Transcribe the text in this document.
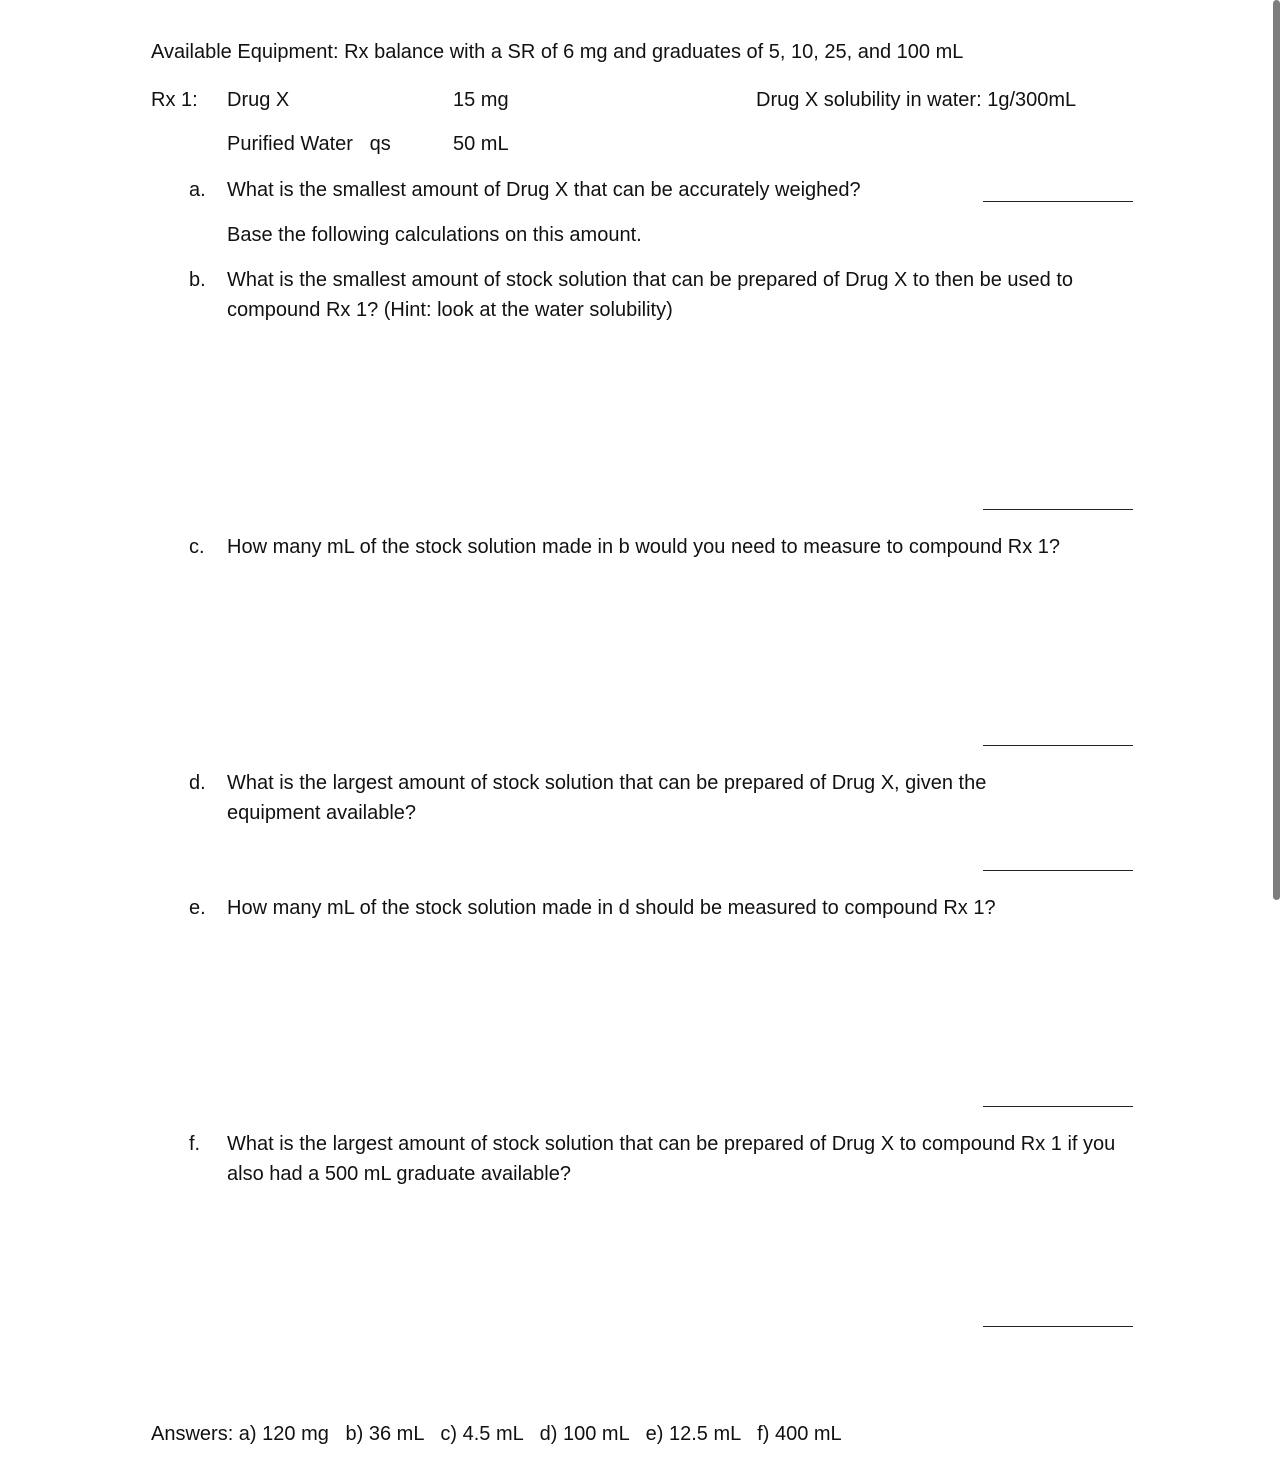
Available Equipment: Rx balance with a SR of 6 mg and graduates of 5, 10, 25, and 100 mL
Rx 1: Drug X	15 mg	Drug X solubility in water: 1g/300mL
Purified Water   qs	50 mL
a. What is the smallest amount of Drug X that can be accurately weighed?
Base the following calculations on this amount.
b. What is the smallest amount of stock solution that can be prepared of Drug X to then be used to compound Rx 1? (Hint: look at the water solubility)
c. How many mL of the stock solution made in b would you need to measure to compound Rx 1?
d. What is the largest amount of stock solution that can be prepared of Drug X, given the equipment available?
e. How many mL of the stock solution made in d should be measured to compound Rx 1?
f. What is the largest amount of stock solution that can be prepared of Drug X to compound Rx 1 if you also had a 500 mL graduate available?
Answers: a) 120 mg   b) 36 mL   c) 4.5 mL   d) 100 mL   e) 12.5 mL   f) 400 mL
